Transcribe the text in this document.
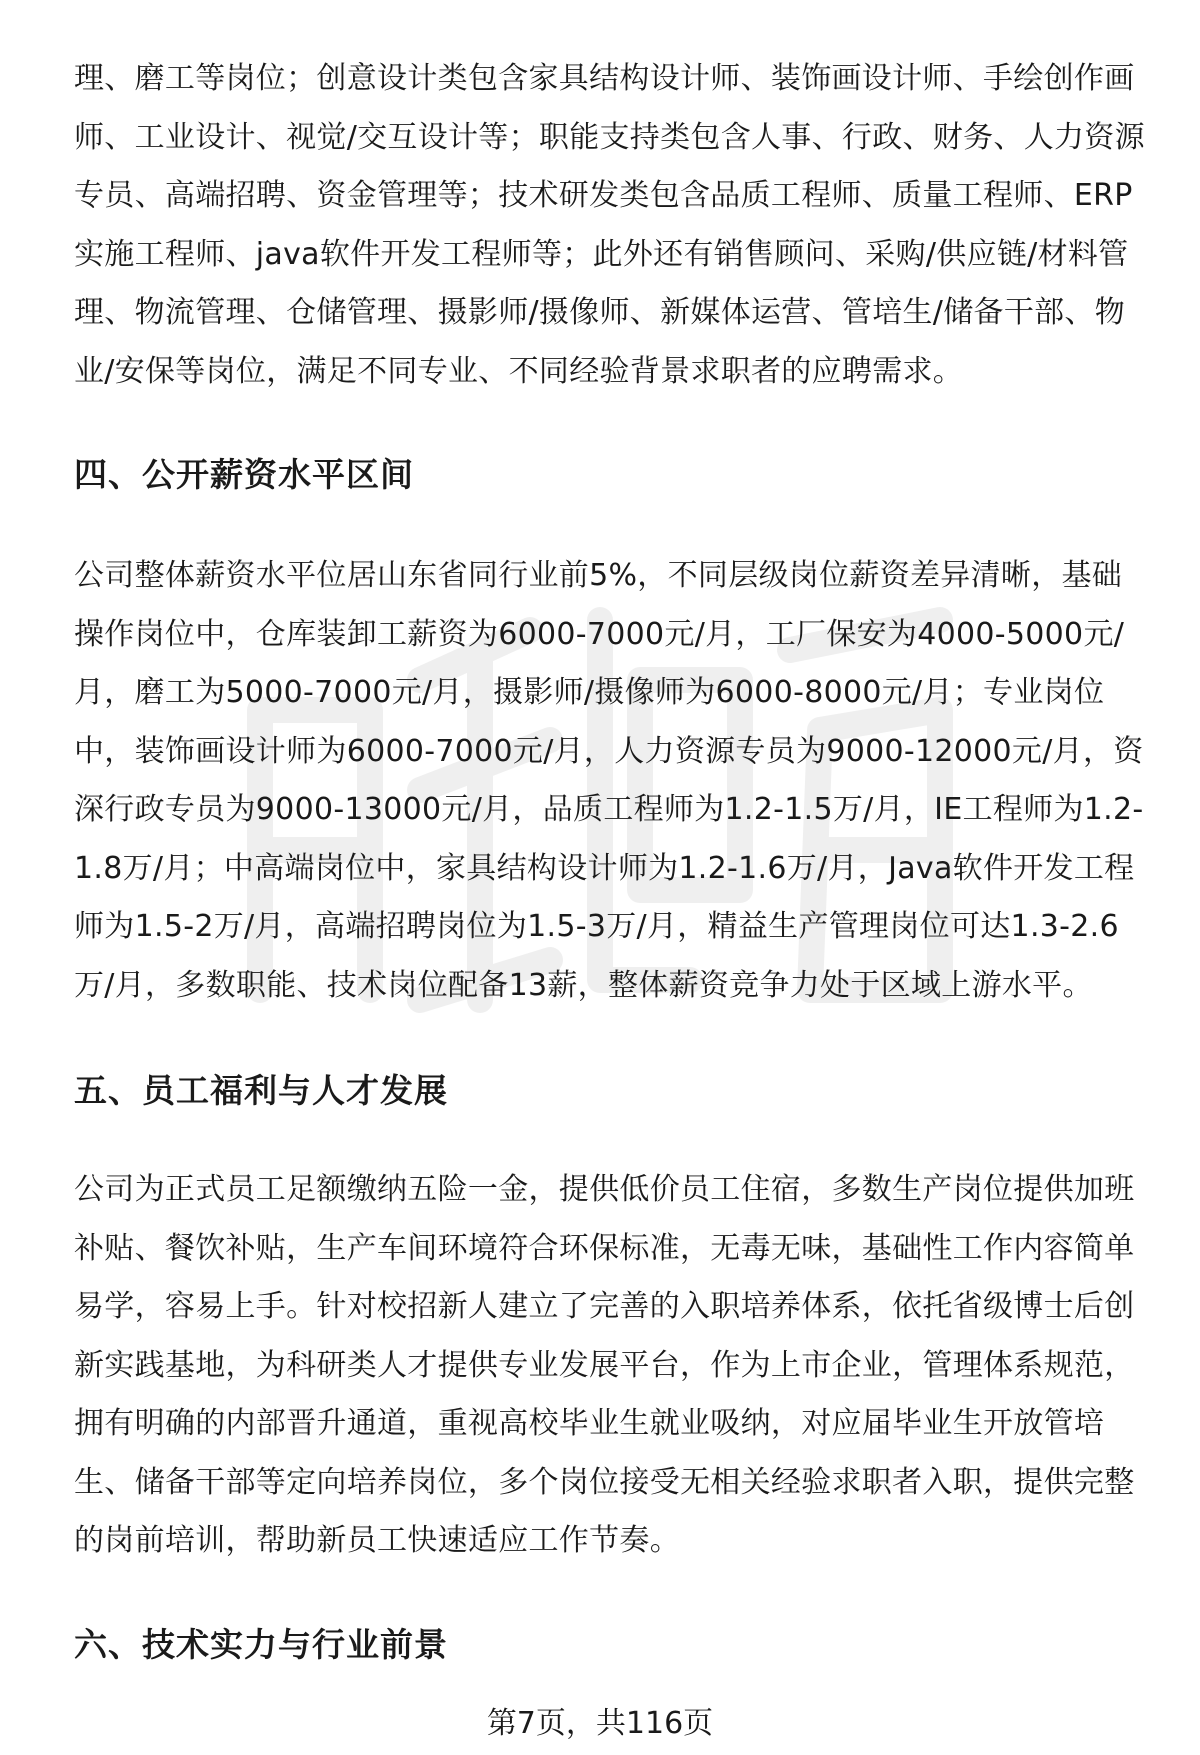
理、磨工等岗位；创意设计类包含家具结构设计师、装饰画设计师、手绘创作画师、工业设计、视觉/交互设计等；职能支持类包含人事、行政、财务、人力资源专员、高端招聘、资金管理等；技术研发类包含品质工程师、质量工程师、ERP实施工程师、java软件开发工程师等；此外还有销售顾问、采购/供应链/材料管理、物流管理、仓储管理、摄影师/摄像师、新媒体运营、管培生/储备干部、物业/安保等岗位，满足不同专业、不同经验背景求职者的应聘需求。

四、公开薪资水平区间

公司整体薪资水平位居山东省同行业前5%，不同层级岗位薪资差异清晰，基础操作岗位中，仓库装卸工薪资为6000-7000元/月，工厂保安为4000-5000元/月，磨工为5000-7000元/月，摄影师/摄像师为6000-8000元/月；专业岗位中，装饰画设计师为6000-7000元/月，人力资源专员为9000-12000元/月，资深行政专员为9000-13000元/月，品质工程师为1.2-1.5万/月，IE工程师为1.2-1.8万/月；中高端岗位中，家具结构设计师为1.2-1.6万/月，Java软件开发工程师为1.5-2万/月，高端招聘岗位为1.5-3万/月，精益生产管理岗位可达1.3-2.6万/月，多数职能、技术岗位配备13薪，整体薪资竞争力处于区域上游水平。

五、员工福利与人才发展

公司为正式员工足额缴纳五险一金，提供低价员工住宿，多数生产岗位提供加班补贴、餐饮补贴，生产车间环境符合环保标准，无毒无味，基础性工作内容简单易学，容易上手。针对校招新人建立了完善的入职培养体系，依托省级博士后创新实践基地，为科研类人才提供专业发展平台，作为上市企业，管理体系规范，拥有明确的内部晋升通道，重视高校毕业生就业吸纳，对应届毕业生开放管培生、储备干部等定向培养岗位，多个岗位接受无相关经验求职者入职，提供完整的岗前培训，帮助新员工快速适应工作节奏。

六、技术实力与行业前景
第7页，共116页
